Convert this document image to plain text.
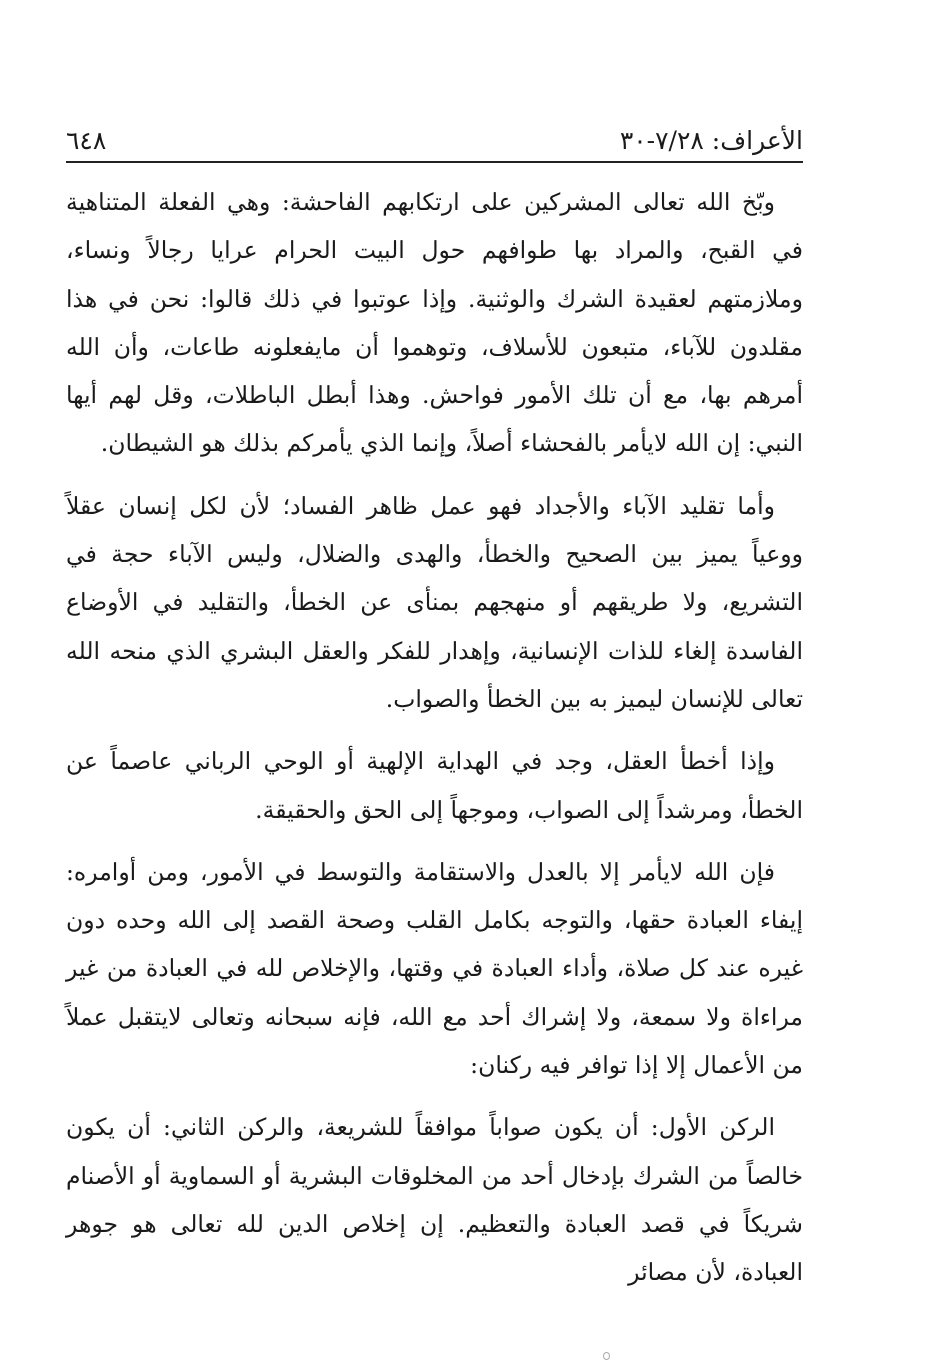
الأعراف: ٧/٢٨-٣٠
٦٤٨

وبّخ الله تعالى المشركين على ارتكابهم الفاحشة: وهي الفعلة المتناهية في القبح، والمراد بها طوافهم حول البيت الحرام عرايا رجالاً ونساء، وملازمتهم لعقيدة الشرك والوثنية. وإذا عوتبوا في ذلك قالوا: نحن في هذا مقلدون للآباء، متبعون للأسلاف، وتوهموا أن مايفعلونه طاعات، وأن الله أمرهم بها، مع أن تلك الأمور فواحش. وهذا أبطل الباطلات، وقل لهم أيها النبي: إن الله لايأمر بالفحشاء أصلاً، وإنما الذي يأمركم بذلك هو الشيطان.

وأما تقليد الآباء والأجداد فهو عمل ظاهر الفساد؛ لأن لكل إنسان عقلاً ووعياً يميز بين الصحيح والخطأ، والهدى والضلال، وليس الآباء حجة في التشريع، ولا طريقهم أو منهجهم بمنأى عن الخطأ، والتقليد في الأوضاع الفاسدة إلغاء للذات الإنسانية، وإهدار للفكر والعقل البشري الذي منحه الله تعالى للإنسان ليميز به بين الخطأ والصواب.

وإذا أخطأ العقل، وجد في الهداية الإلهية أو الوحي الرباني عاصماً عن الخطأ، ومرشداً إلى الصواب، وموجهاً إلى الحق والحقيقة.

فإن الله لايأمر إلا بالعدل والاستقامة والتوسط في الأمور، ومن أوامره: إيفاء العبادة حقها، والتوجه بكامل القلب وصحة القصد إلى الله وحده دون غيره عند كل صلاة، وأداء العبادة في وقتها، والإخلاص لله في العبادة من غير مراءاة ولا سمعة، ولا إشراك أحد مع الله، فإنه سبحانه وتعالى لايتقبل عملاً من الأعمال إلا إذا توافر فيه ركنان:

الركن الأول: أن يكون صواباً موافقاً للشريعة، والركن الثاني: أن يكون خالصاً من الشرك بإدخال أحد من المخلوقات البشرية أو السماوية أو الأصنام شريكاً في قصد العبادة والتعظيم. إن إخلاص الدين لله تعالى هو جوهر العبادة، لأن مصائر
